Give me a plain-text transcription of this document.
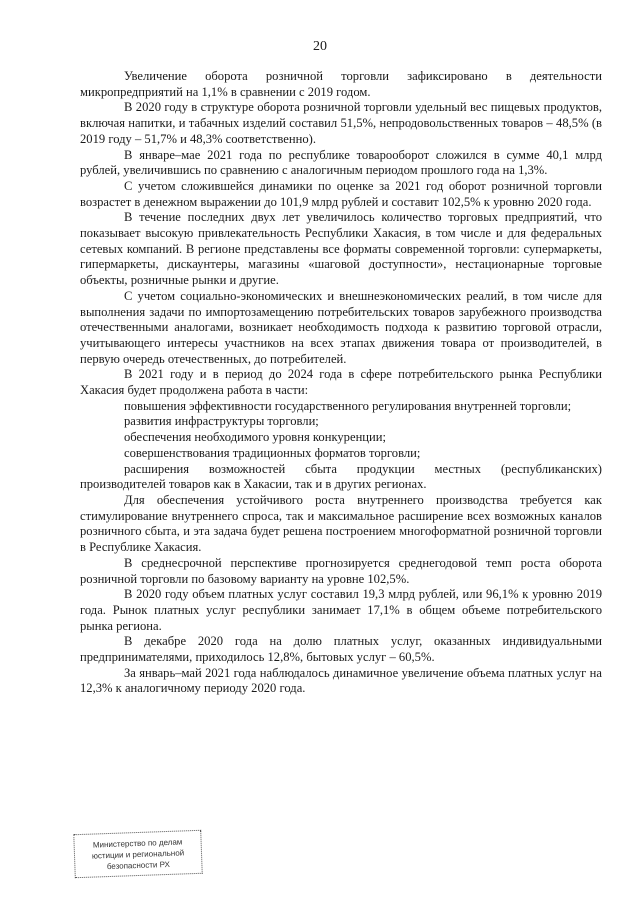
20

Увеличение оборота розничной торговли зафиксировано в деятельности микропредприятий на 1,1% в сравнении с 2019 годом.

В 2020 году в структуре оборота розничной торговли удельный вес пищевых продуктов, включая напитки, и табачных изделий составил 51,5%, непродовольственных товаров – 48,5% (в 2019 году – 51,7% и 48,3% соответственно).

В январе–мае 2021 года по республике товарооборот сложился в сумме 40,1 млрд рублей, увеличившись по сравнению с аналогичным периодом прошлого года на 1,3%.

С учетом сложившейся динамики по оценке за 2021 год оборот розничной торговли возрастет в денежном выражении до 101,9 млрд рублей и составит 102,5% к уровню 2020 года.

В течение последних двух лет увеличилось количество торговых предприятий, что показывает высокую привлекательность Республики Хакасия, в том числе и для федеральных сетевых компаний. В регионе представлены все форматы современной торговли: супермаркеты, гипермаркеты, дискаунтеры, магазины «шаговой доступности», нестационарные торговые объекты, розничные рынки и другие.

С учетом социально-экономических и внешнеэкономических реалий, в том числе для выполнения задачи по импортозамещению потребительских товаров зарубежного производства отечественными аналогами, возникает необходимость подхода к развитию торговой отрасли, учитывающего интересы участников на всех этапах движения товара от производителей, в первую очередь отечественных, до потребителей.

В 2021 году и в период до 2024 года в сфере потребительского рынка Республики Хакасия будет продолжена работа в части:

повышения эффективности государственного регулирования внутренней торговли;

развития инфраструктуры торговли;

обеспечения необходимого уровня конкуренции;

совершенствования традиционных форматов торговли;

расширения возможностей сбыта продукции местных (республиканских) производителей товаров как в Хакасии, так и в других регионах.

Для обеспечения устойчивого роста внутреннего производства требуется как стимулирование внутреннего спроса, так и максимальное расширение всех возможных каналов розничного сбыта, и эта задача будет решена построением многоформатной розничной торговли в Республике Хакасия.

В среднесрочной перспективе прогнозируется среднегодовой темп роста оборота розничной торговли по базовому варианту на уровне 102,5%.

В 2020 году объем платных услуг составил 19,3 млрд рублей, или 96,1% к уровню 2019 года. Рынок платных услуг республики занимает 17,1% в общем объеме потребительского рынка региона.

В декабре 2020 года на долю платных услуг, оказанных индивидуальными предпринимателями, приходилось 12,8%, бытовых услуг – 60,5%.

За январь–май 2021 года наблюдалось динамичное увеличение объема платных услуг на 12,3% к аналогичному периоду 2020 года.

Министерство по делам
юстиции и региональной
безопасности РХ
